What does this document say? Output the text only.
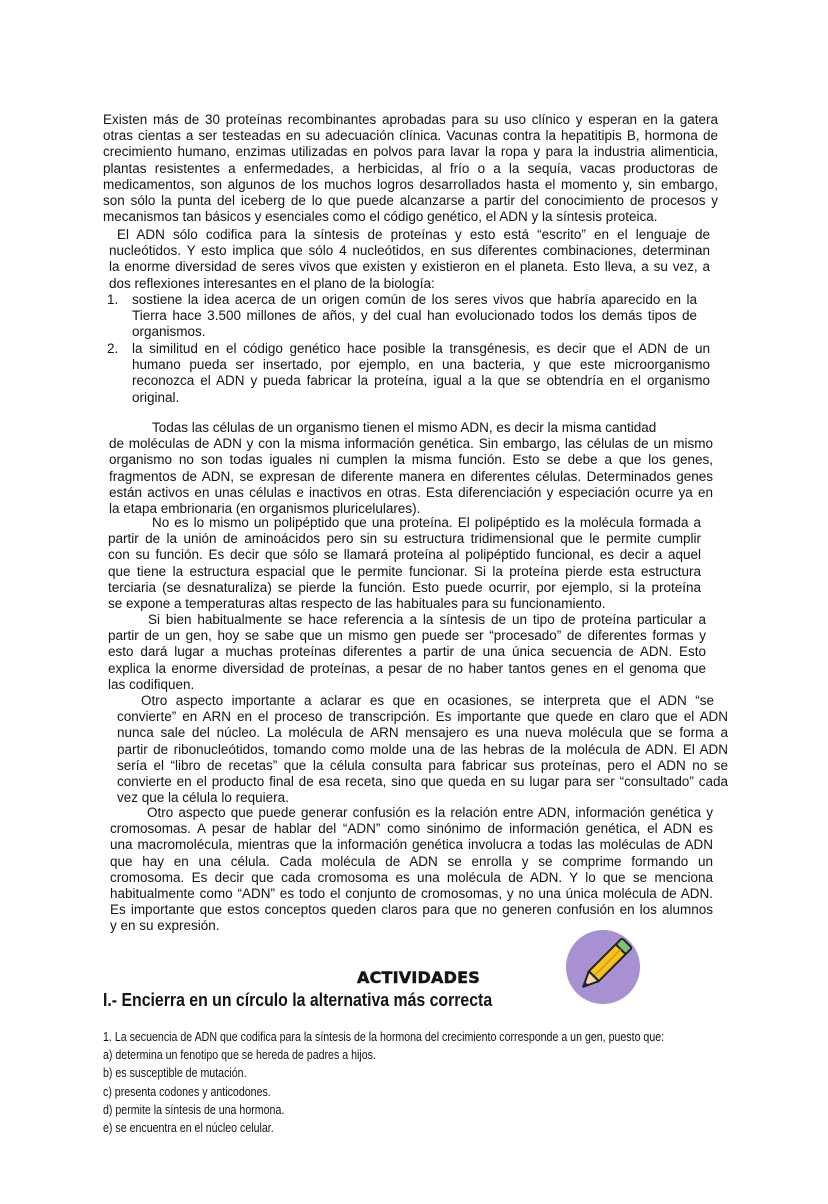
Existen más de 30 proteínas recombinantes aprobadas para su uso clínico y esperan en la gatera
otras cientas a ser testeadas en su adecuación clínica. Vacunas contra la hepatitipis B, hormona de
crecimiento humano, enzimas utilizadas en polvos para lavar la ropa y para la industria alimenticia,
plantas resistentes a enfermedades, a herbicidas, al frío o a la sequía, vacas productoras de
medicamentos, son algunos de los muchos logros desarrollados hasta el momento y, sin embargo,
son sólo la punta del iceberg de lo que puede alcanzarse a partir del conocimiento de procesos y
mecanismos tan básicos y esenciales como el código genético, el ADN y la síntesis proteica.
El ADN sólo codifica para la síntesis de proteínas y esto está “escrito” en el lenguaje de
nucleótidos. Y esto implica que sólo 4 nucleótidos, en sus diferentes combinaciones, determinan
la enorme diversidad de seres vivos que existen y existieron en el planeta. Esto lleva, a su vez, a
dos reflexiones interesantes en el plano de la biología:
1. sostiene la idea acerca de un origen común de los seres vivos que habría aparecido en la
Tierra hace 3.500 millones de años, y del cual han evolucionado todos los demás tipos de
organismos.
2. la similitud en el código genético hace posible la transgénesis, es decir que el ADN de un
humano pueda ser insertado, por ejemplo, en una bacteria, y que este microorganismo
reconozca el ADN y pueda fabricar la proteína, igual a la que se obtendría en el organismo
original.
Todas las células de un organismo tienen el mismo ADN, es decir la misma cantidad
de moléculas de ADN y con la misma información genética. Sin embargo, las células de un mismo
organismo no son todas iguales ni cumplen la misma función. Esto se debe a que los genes,
fragmentos de ADN, se expresan de diferente manera en diferentes células. Determinados genes
están activos en unas células e inactivos en otras. Esta diferenciación y especiación ocurre ya en
la etapa embrionaria (en organismos pluricelulares).
No es lo mismo un polipéptido que una proteína. El polipéptido es la molécula formada a
partir de la unión de aminoácidos pero sin su estructura tridimensional que le permite cumplir
con su función. Es decir que sólo se llamará proteína al polipéptido funcional, es decir a aquel
que tiene la estructura espacial que le permite funcionar. Si la proteína pierde esta estructura
terciaria (se desnaturaliza) se pierde la función. Esto puede ocurrir, por ejemplo, si la proteína
se expone a temperaturas altas respecto de las habituales para su funcionamiento.
Si bien habitualmente se hace referencia a la síntesis de un tipo de proteína particular a
partir de un gen, hoy se sabe que un mismo gen puede ser “procesado” de diferentes formas y
esto dará lugar a muchas proteínas diferentes a partir de una única secuencia de ADN. Esto
explica la enorme diversidad de proteínas, a pesar de no haber tantos genes en el genoma que
las codifiquen.
Otro aspecto importante a aclarar es que en ocasiones, se interpreta que el ADN “se
convierte” en ARN en el proceso de transcripción. Es importante que quede en claro que el ADN
nunca sale del núcleo. La molécula de ARN mensajero es una nueva molécula que se forma a
partir de ribonucleótidos, tomando como molde una de las hebras de la molécula de ADN. El ADN
sería el “libro de recetas” que la célula consulta para fabricar sus proteínas, pero el ADN no se
convierte en el producto final de esa receta, sino que queda en su lugar para ser “consultado” cada
vez que la célula lo requiera.
Otro aspecto que puede generar confusión es la relación entre ADN, información genética y
cromosomas. A pesar de hablar del “ADN” como sinónimo de información genética, el ADN es
una macromolécula, mientras que la información genética involucra a todas las moléculas de ADN
que hay en una célula. Cada molécula de ADN se enrolla y se comprime formando un
cromosoma. Es decir que cada cromosoma es una molécula de ADN. Y lo que se menciona
habitualmente como “ADN” es todo el conjunto de cromosomas, y no una única molécula de ADN.
Es importante que estos conceptos queden claros para que no generen confusión en los alumnos
y en su expresión.
ACTIVIDADES
I.- Encierra en un círculo la alternativa más correcta
1. La secuencia de ADN que codifica para la síntesis de la hormona del crecimiento corresponde a un gen, puesto que:
a) determina un fenotipo que se hereda de padres a hijos.
b) es susceptible de mutación.
c) presenta codones y anticodones.
d) permite la síntesis de una hormona.
e) se encuentra en el núcleo celular.
